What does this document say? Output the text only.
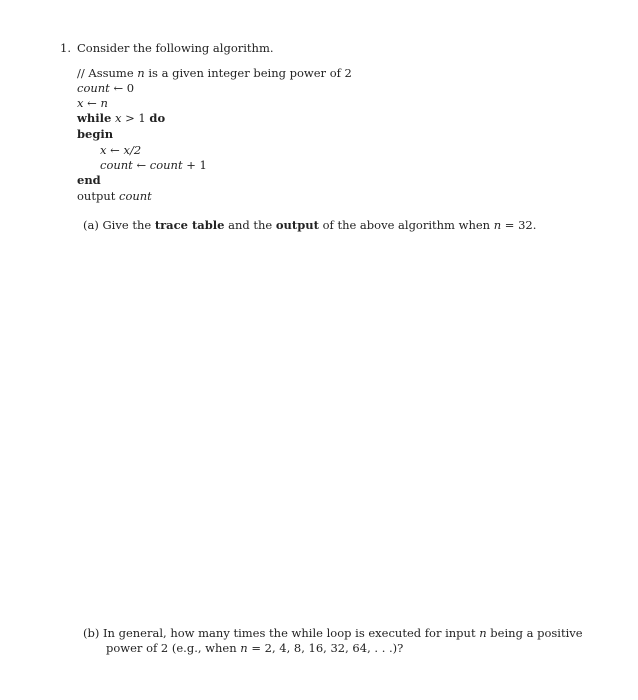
1. Consider the following algorithm.
// Assume n is a given integer being power of 2
count ← 0
x ← n
while x > 1 do
begin
x ← x/2
count ← count + 1
end
output count
(a) Give the trace table and the output of the above algorithm when n = 32.
(b) In general, how many times the while loop is executed for input n being a positive
power of 2 (e.g., when n = 2, 4, 8, 16, 32, 64, . . .)?
